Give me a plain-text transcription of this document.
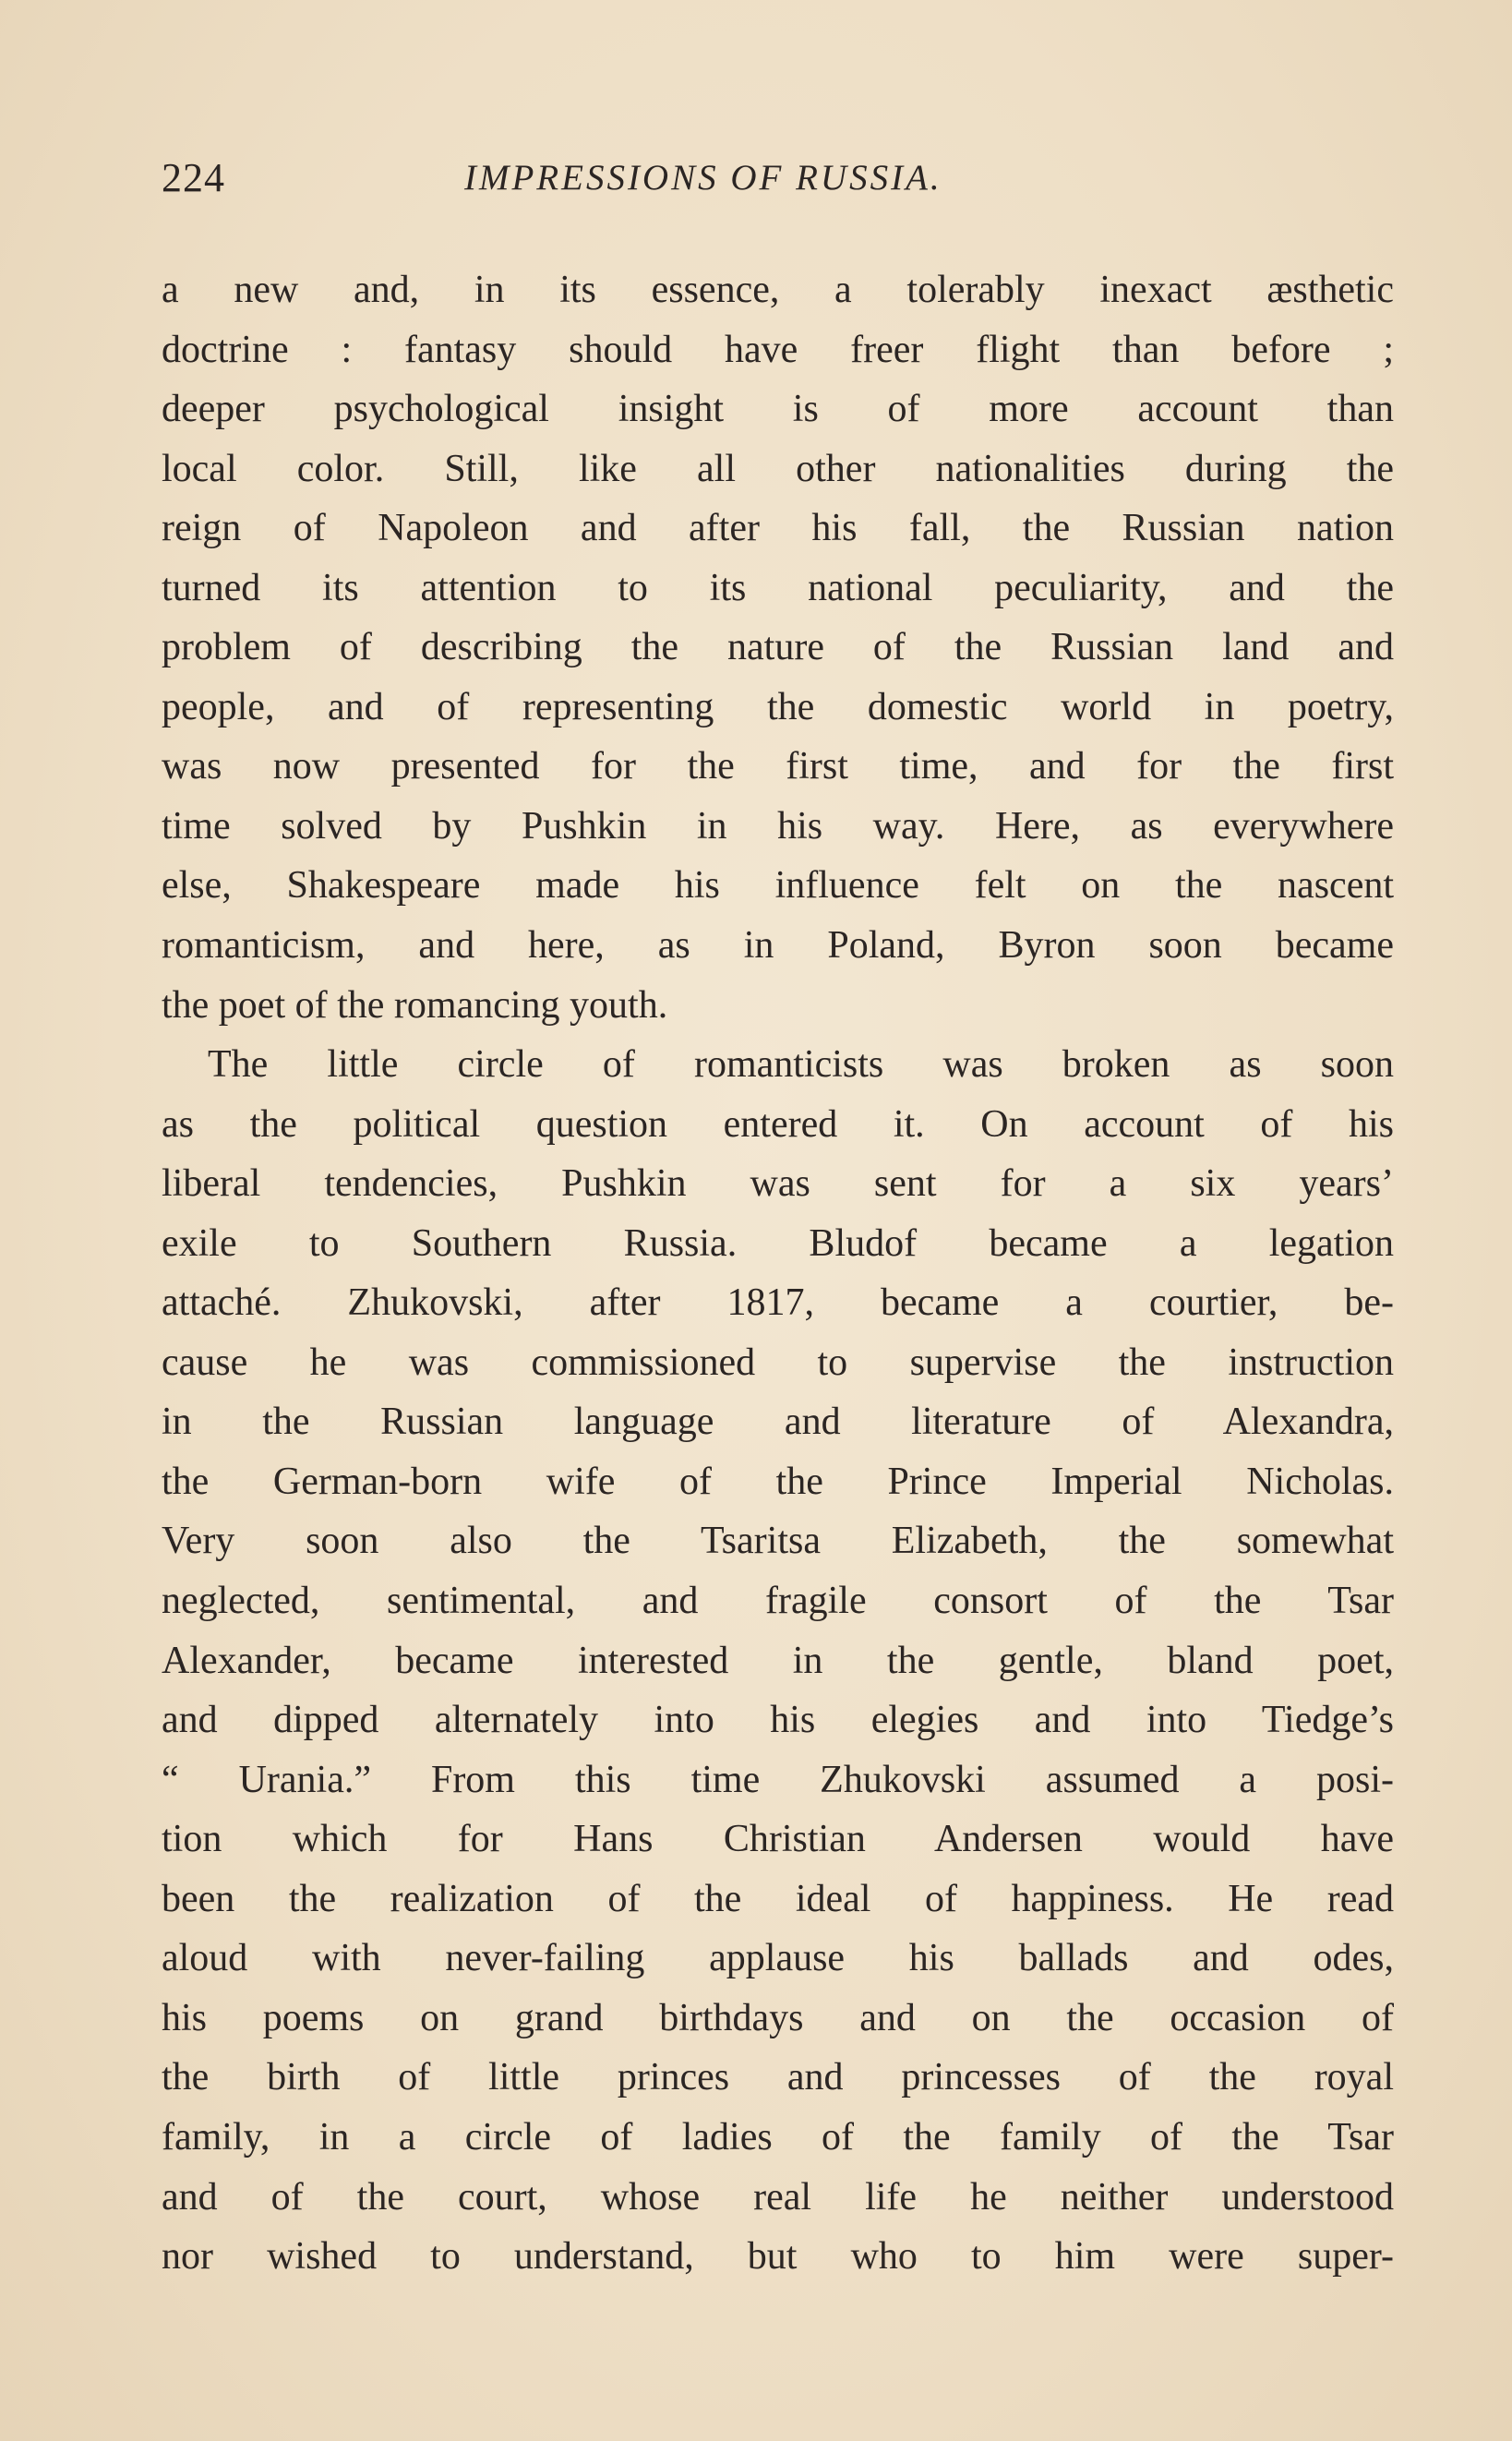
224	IMPRESSIONS OF RUSSIA.
a new and, in its essence, a tolerably inexact æsthetic
doctrine : fantasy should have freer flight than before ;
deeper psychological insight is of more account than
local color. Still, like all other nationalities during the
reign of Napoleon and after his fall, the Russian nation
turned its attention to its national peculiarity, and the
problem of describing the nature of the Russian land and
people, and of representing the domestic world in poetry,
was now presented for the first time, and for the first
time solved by Pushkin in his way. Here, as everywhere
else, Shakespeare made his influence felt on the nascent
romanticism, and here, as in Poland, Byron soon became
the poet of the romancing youth.
The little circle of romanticists was broken as soon
as the political question entered it. On account of his
liberal tendencies, Pushkin was sent for a six years’
exile to Southern Russia. Bludof became a legation
attaché. Zhukovski, after 1817, became a courtier, be-
cause he was commissioned to supervise the instruction
in the Russian language and literature of Alexandra,
the German-born wife of the Prince Imperial Nicholas.
Very soon also the Tsaritsa Elizabeth, the somewhat
neglected, sentimental, and fragile consort of the Tsar
Alexander, became interested in the gentle, bland poet,
and dipped alternately into his elegies and into Tiedge’s
“ Urania.” From this time Zhukovski assumed a posi-
tion which for Hans Christian Andersen would have
been the realization of the ideal of happiness. He read
aloud with never-failing applause his ballads and odes,
his poems on grand birthdays and on the occasion of
the birth of little princes and princesses of the royal
family, in a circle of ladies of the family of the Tsar
and of the court, whose real life he neither understood
nor wished to understand, but who to him were super-
